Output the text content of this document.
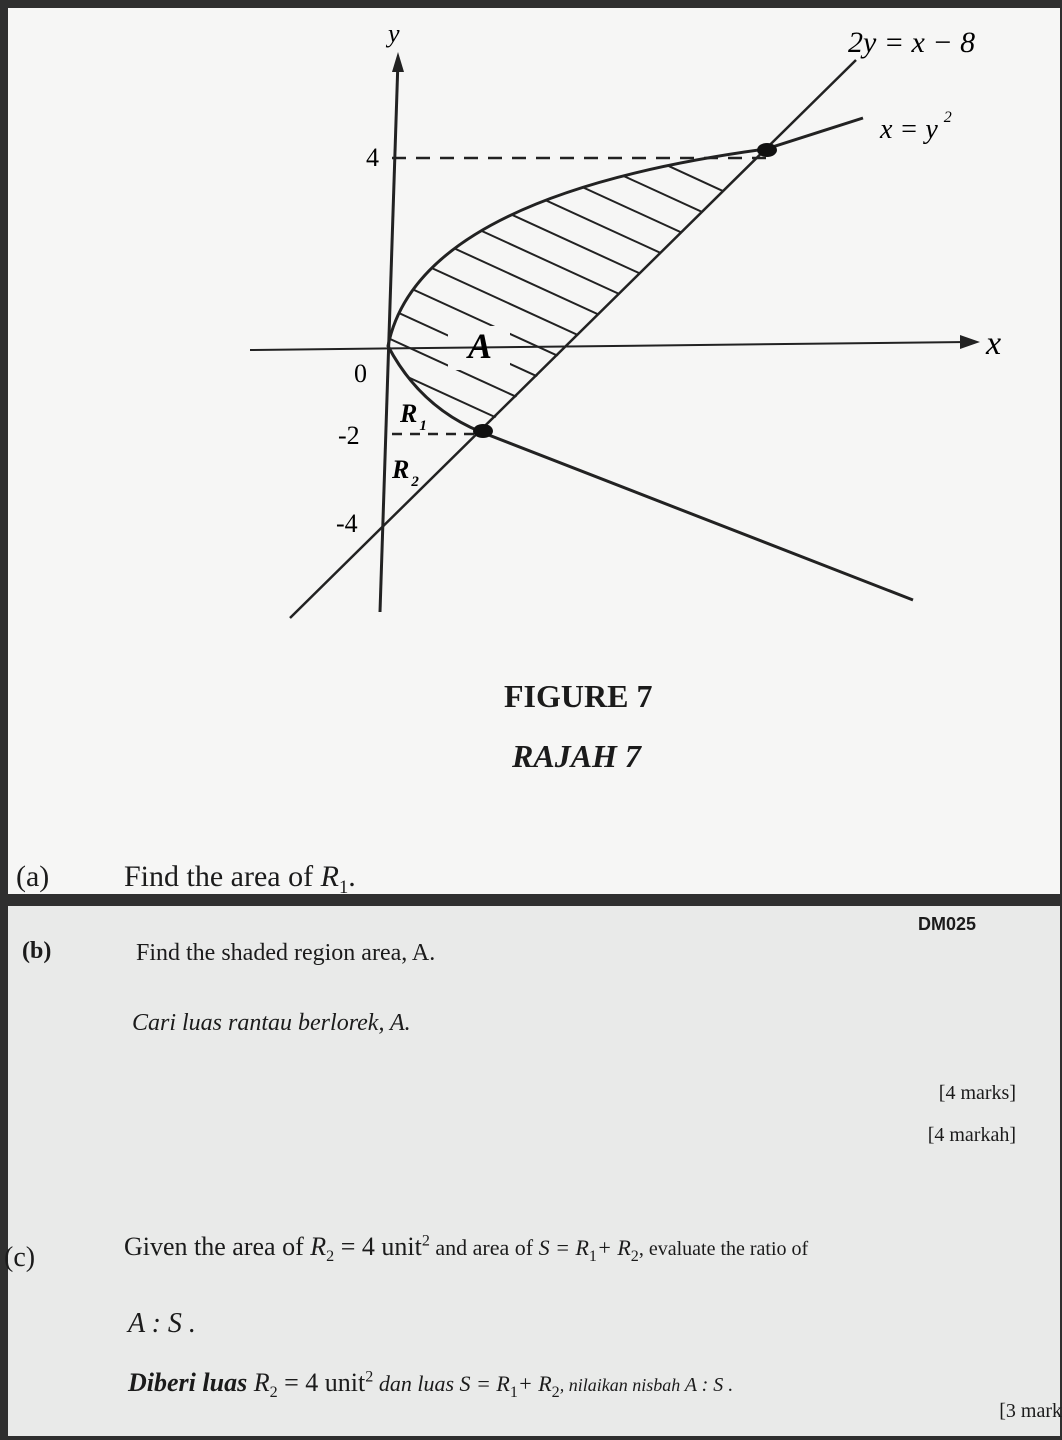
y
x
0
4
-2
-4
2y = x − 8
x = y $^2$
A
R $_1$
R $_2$
FIGURE 7
RAJAH 7
(a) Find the area of $R_1$.
DM025
(b)	Find the shaded region area, A.
Cari luas rantau berlorek, A.
[4 marks]
[4 markah]
(c)	Given the area of $R_2 = 4$ unit$^2$ and area of $S = R_1+ R_2$, evaluate the ratio of
A : S .
Diberi luas $R_2 = 4$ unit$^2$ dan luas $S = R_1+ R_2$, nilaikan nisbah A : S .
[3 mark
